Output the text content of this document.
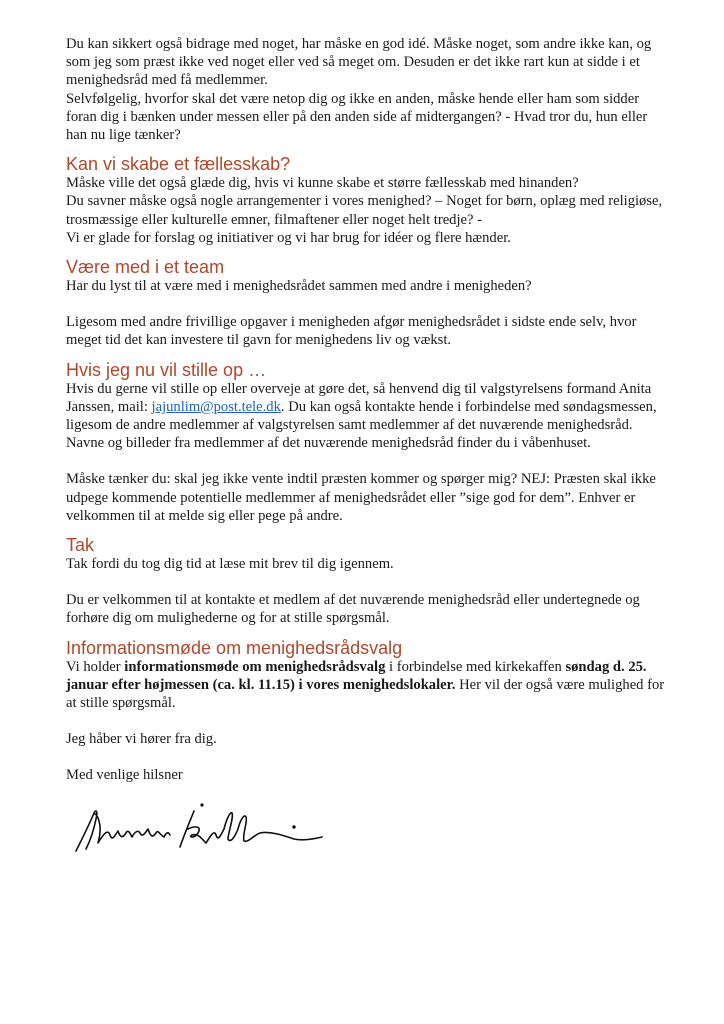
Du kan sikkert også bidrage med noget, har måske en god idé. Måske noget, som andre ikke kan, og som jeg som præst ikke ved noget eller ved så meget om. Desuden er det ikke rart kun at sidde i et menighedsråd med få medlemmer.

Selvfølgelig, hvorfor skal det være netop dig og ikke en anden, måske hende eller ham som sidder foran dig i bænken under messen eller på den anden side af midtergangen? - Hvad tror du, hun eller han nu lige tænker?

Kan vi skabe et fællesskab?

Måske ville det også glæde dig, hvis vi kunne skabe et større fællesskab med hinanden?

Du savner måske også nogle arrangementer i vores menighed? – Noget for børn, oplæg med religiøse, trosmæssige eller kulturelle emner, filmaftener eller noget helt tredje? -

Vi er glade for forslag og initiativer og vi har brug for idéer og flere hænder.

Være med i et team

Har du lyst til at være med i menighedsrådet sammen med andre i menigheden?

Ligesom med andre frivillige opgaver i menigheden afgør menighedsrådet i sidste ende selv, hvor meget tid det kan investere til gavn for menighedens liv og vækst.

Hvis jeg nu vil stille op …

Hvis du gerne vil stille op eller overveje at gøre det, så henvend dig til valgstyrelsens formand Anita Janssen, mail: jajunlim@post.tele.dk. Du kan også kontakte hende i forbindelse med søndagsmessen, ligesom de andre medlemmer af valgstyrelsen samt medlemmer af det nuværende menighedsråd. Navne og billeder fra medlemmer af det nuværende menighedsråd finder du i våbenhuset.

Måske tænker du: skal jeg ikke vente indtil præsten kommer og spørger mig? NEJ: Præsten skal ikke udpege kommende potentielle medlemmer af menighedsrådet eller ”sige god for dem”. Enhver er velkommen til at melde sig eller pege på andre.

Tak

Tak fordi du tog dig tid at læse mit brev til dig igennem.

Du er velkommen til at kontakte et medlem af det nuværende menighedsråd eller undertegnede og forhøre dig om mulighederne og for at stille spørgsmål.

Informationsmøde om menighedsrådsvalg

Vi holder informationsmøde om menighedsrådsvalg i forbindelse med kirkekaffen søndag d. 25. januar efter højmessen (ca. kl. 11.15) i vores menighedslokaler. Her vil der også være mulighed for at stille spørgsmål.

Jeg håber vi hører fra dig.

Med venlige hilsner
